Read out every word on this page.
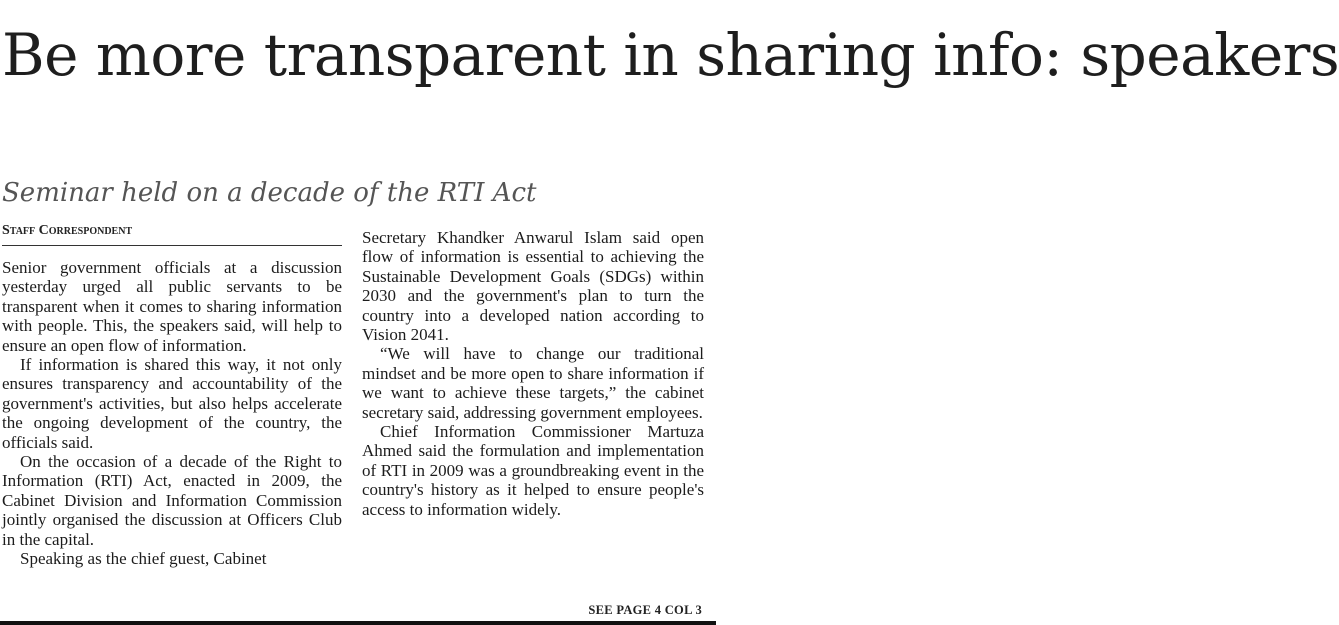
Be more transparent in sharing info: speakers
Seminar held on a decade of the RTI Act
Staff Correspondent

Senior government officials at a discussion yesterday urged all public servants to be transparent when it comes to sharing information with people. This, the speakers said, will help to ensure an open flow of information.

If information is shared this way, it not only ensures transparency and accountability of the government's activities, but also helps accelerate the ongoing development of the country, the officials said.

On the occasion of a decade of the Right to Information (RTI) Act, enacted in 2009, the Cabinet Division and Information Commission jointly organised the discussion at Officers Club in the capital.

Speaking as the chief guest, Cabinet

Secretary Khandker Anwarul Islam said open flow of information is essential to achieving the Sustainable Development Goals (SDGs) within 2030 and the government's plan to turn the country into a developed nation according to Vision 2041.

“We will have to change our traditional mindset and be more open to share information if we want to achieve these targets,” the cabinet secretary said, addressing government employees.

Chief Information Commissioner Martuza Ahmed said the formulation and implementation of RTI in 2009 was a groundbreaking event in the country's history as it helped to ensure people's access to information widely.

SEE PAGE 4 COL 3
